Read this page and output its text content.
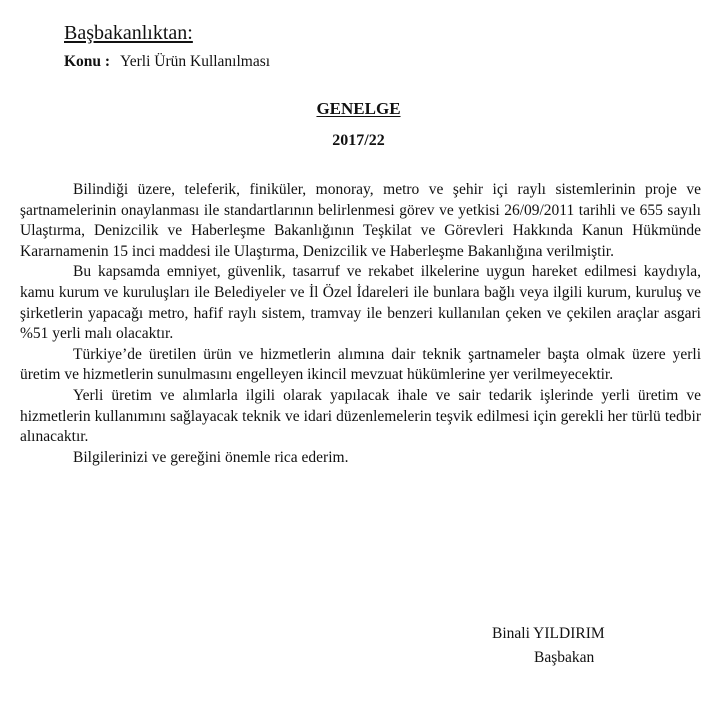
Başbakanlıktan:
Konu : Yerli Ürün Kullanılması
GENELGE
2017/22

Bilindiği üzere, teleferik, finiküler, monoray, metro ve şehir içi raylı sistemlerinin proje ve şartnamelerinin onaylanması ile standartlarının belirlenmesi görev ve yetkisi 26/09/2011 tarihli ve 655 sayılı Ulaştırma, Denizcilik ve Haberleşme Bakanlığının Teşkilat ve Görevleri Hakkında Kanun Hükmünde Kararnamenin 15 inci maddesi ile Ulaştırma, Denizcilik ve Haberleşme Bakanlığına verilmiştir.

Bu kapsamda emniyet, güvenlik, tasarruf ve rekabet ilkelerine uygun hareket edilmesi kaydıyla, kamu kurum ve kuruluşları ile Belediyeler ve İl Özel İdareleri ile bunlara bağlı veya ilgili kurum, kuruluş ve şirketlerin yapacağı metro, hafif raylı sistem, tramvay ile benzeri kullanılan çeken ve çekilen araçlar asgari %51 yerli malı olacaktır.

Türkiye’de üretilen ürün ve hizmetlerin alımına dair teknik şartnameler başta olmak üzere yerli üretim ve hizmetlerin sunulmasını engelleyen ikincil mevzuat hükümlerine yer verilmeyecektir.

Yerli üretim ve alımlarla ilgili olarak yapılacak ihale ve sair tedarik işlerinde yerli üretim ve hizmetlerin kullanımını sağlayacak teknik ve idari düzenlemelerin teşvik edilmesi için gerekli her türlü tedbir alınacaktır.

Bilgilerinizi ve gereğini önemle rica ederim.

Binali YILDIRIM
Başbakan
